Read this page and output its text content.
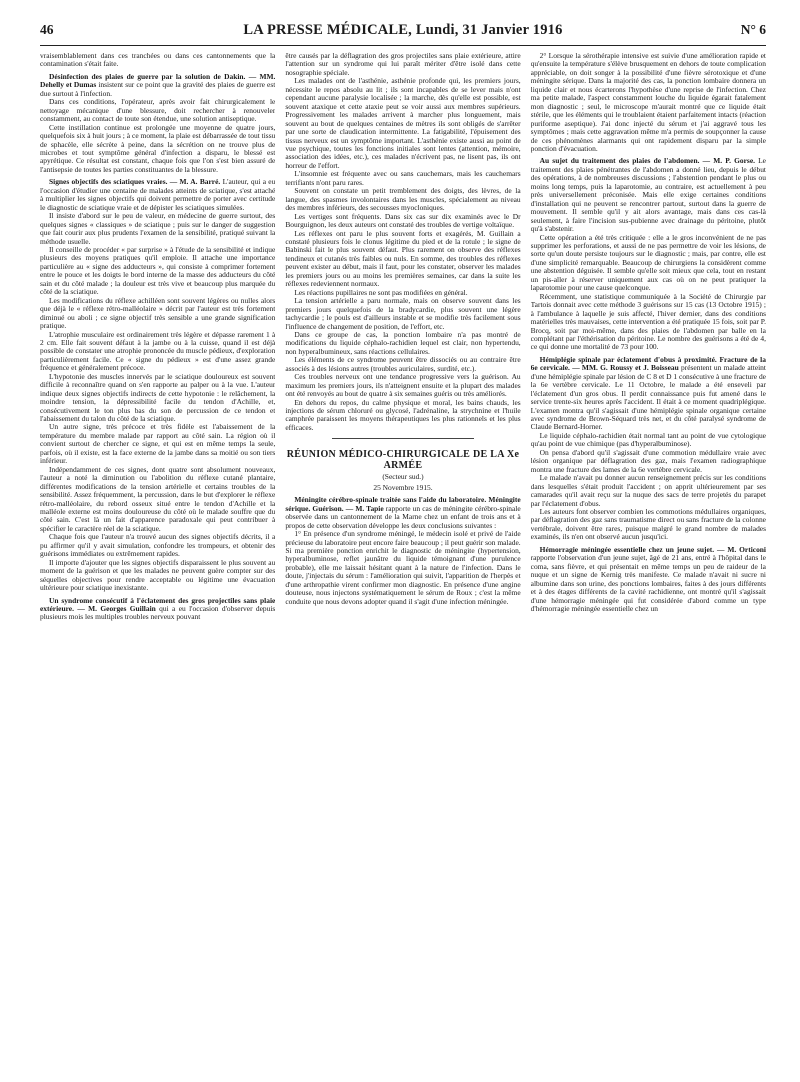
46	LA PRESSE MÉDICALE, Lundi, 31 Janvier 1916	N° 6

vraisemblablement dans ces tranchées ou dans ces cantonnements que la contamination s'était faite.

Désinfection des plaies de guerre par la solution de Dakin. — MM. Dehelly et Dumas insistent sur ce point que la gravité des plaies de guerre est due surtout à l'infection.

Dans ces conditions, l'opérateur, après avoir fait chirurgicalement le nettoyage mécanique d'une blessure, doit rechercher à renouveler constamment, au contact de toute son étendue, une solution antiseptique.

Cette instillation continue est prolongée une moyenne de quatre jours, quelquefois six à huit jours ; à ce moment, la plaie est débarrassée de tout tissu de sphacèle, elle sécrète à peine, dans la sécrétion on ne trouve plus de microbes et tout symptôme général d'infection a disparu, le blessé est apyrétique. Ce résultat est constant, chaque fois que l'on s'est bien assuré de l'antisepsie de toutes les parties constituantes de la blessure.

Signes objectifs des sciatiques vraies. — M. A. Barré. L'auteur, qui a eu l'occasion d'étudier une centaine de malades atteints de sciatique, s'est attaché à multiplier les signes objectifs qui doivent permettre de porter avec certitude le diagnostic de sciatique vraie et de dépister les sciatiques simulées.

Il insiste d'abord sur le peu de valeur, en médecine de guerre surtout, des quelques signes « classiques » de sciatique ; puis sur le danger de suggestion que fait courir aux plus prudents l'examen de la sensibilité, pratiqué suivant la méthode usuelle.

Il conseille de procéder « par surprise » à l'étude de la sensibilité et indique plusieurs des moyens pratiques qu'il emploie. Il attache une importance particulière au « signe des adducteurs », qui consiste à comprimer fortement entre le pouce et les doigts le bord interne de la masse des adducteurs du côté sain et du côté malade ; la douleur est très vive et beaucoup plus marquée du côté de la sciatique.

Les modifications du réflexe achilléen sont souvent légères ou nulles alors que déjà le « réflexe rétro-malléolaire » décrit par l'auteur est très fortement diminué ou aboli ; ce signe objectif très sensible a une grande signification pratique.

L'atrophie musculaire est ordinairement très légère et dépasse rarement 1 à 2 cm. Elle fait souvent défaut à la jambe ou à la cuisse, quand il est déjà possible de constater une atrophie prononcée du muscle pédieux, d'exploration particulièrement facile. Ce « signe du pédieux » est d'une assez grande fréquence et généralement précoce.

L'hypotonie des muscles innervés par le sciatique douloureux est souvent difficile à reconnaître quand on s'en rapporte au palper ou à la vue. L'auteur indique deux signes objectifs indirects de cette hypotonie : le relâchement, la moindre tension, la dépressibilité facile du tendon d'Achille, et, consécutivement le ton plus bas du son de percussion de ce tendon et l'abaissement du talon du côté de la sciatique.

Un autre signe, très précoce et très fidèle est l'abaissement de la température du membre malade par rapport au côté sain. La région où il convient surtout de chercher ce signe, et qui est en même temps la seule, parfois, où il existe, est la face externe de la jambe dans sa moitié ou son tiers inférieur.

Indépendamment de ces signes, dont quatre sont absolument nouveaux, l'auteur a noté la diminution ou l'abolition du réflexe cutané plantaire, différentes modifications de la tension artérielle et certains troubles de la sensibilité. Assez fréquemment, la percussion, dans le but d'explorer le réflexe rétro-malléolaire, du rebord osseux situé entre le tendon d'Achille et la malléole externe est moins douloureuse du côté où le malade souffre que du côté sain. C'est là un fait d'apparence paradoxale qui peut contribuer à spécifier le caractère réel de la sciatique.

Chaque fois que l'auteur n'a trouvé aucun des signes objectifs décrits, il a pu affirmer qu'il y avait simulation, confondre les trompeurs, et obtenir des guérisons immédiates ou extrêmement rapides.

Il importe d'ajouter que les signes objectifs disparaissent le plus souvent au moment de la guérison et que les malades ne peuvent guère compter sur des séquelles objectives pour rendre acceptable ou légitime une évacuation ultérieure pour sciatique inexistante.

Un syndrome consécutif à l'éclatement des gros projectiles sans plaie extérieure. — M. Georges Guillain qui a eu l'occasion d'observer depuis plusieurs mois les multiples troubles nerveux pouvant

être causés par la déflagration des gros projectiles sans plaie extérieure, attire l'attention sur un syndrome qui lui paraît mériter d'être isolé dans cette nosographie spéciale.

Les malades ont de l'asthénie, asthénie profonde qui, les premiers jours, nécessite le repos absolu au lit ; ils sont incapables de se lever mais n'ont cependant aucune paralysie localisée ; la marche, dès qu'elle est possible, est souvent ataxique et cette ataxie peut se voir aussi aux membres supérieurs. Progressivement les malades arrivent à marcher plus longuement, mais souvent au bout de quelques centaines de mètres ils sont obligés de s'arrêter par une sorte de claudication intermittente. La fatigabilité, l'épuisement des tissus nerveux est un symptôme important. L'asthénie existe aussi au point de vue psychique, toutes les fonctions initiales sont lentes (attention, mémoire, association des idées, etc.), ces malades n'écrivent pas, ne lisent pas, ils ont horreur de l'effort.

L'insomnie est fréquente avec ou sans cauchemars, mais les cauchemars terrifiants n'ont paru rares.

Souvent on constate un petit tremblement des doigts, des lèvres, de la langue, des spasmes involontaires dans les muscles, spécialement au niveau des membres inférieurs, des secousses myocloniques.

Les vertiges sont fréquents. Dans six cas sur dix examinés avec le Dr Bourguignon, les deux auteurs ont constaté des troubles de vertige voltaïque.

Les réflexes ont paru le plus souvent forts et exagérés, M. Guillain a constaté plusieurs fois le clonus légitime du pied et de la rotule ; le signe de Babinski fait le plus souvent défaut. Plus rarement on observe des réflexes tendineux et cutanés très faibles ou nuls. En somme, des troubles des réflexes peuvent exister au début, mais il faut, pour les constater, observer les malades les premiers jours ou au moins les premières semaines, car dans la suite les réflexes redeviennent normaux.

Les réactions pupillaires ne sont pas modifiées en général.

La tension artérielle a paru normale, mais on observe souvent dans les premiers jours quelquefois de la bradycardie, plus souvent une légère tachycardie ; le pouls est d'ailleurs instable et se modifie très facilement sous l'influence de changement de position, de l'effort, etc.

Dans ce groupe de cas, la ponction lombaire n'a pas montré de modifications du liquide céphalo-rachidien lequel est clair, non hypertendu, non hyperalbumineux, sans réactions cellulaires.

Les éléments de ce syndrome peuvent être dissociés ou au contraire être associés à des lésions autres (troubles auriculaires, surdité, etc.).

Ces troubles nerveux ont une tendance progressive vers la guérison. Au maximum les premiers jours, ils n'atteignent ensuite et la plupart des malades ont été renvoyés au bout de quatre à six semaines guéris ou très améliorés.

En dehors du repos, du calme physique et moral, les bains chauds, les injections de sérum chloruré ou glycosé, l'adrénaline, la strychnine et l'huile camphrée paraissent les moyens thérapeutiques les plus rationnels et les plus efficaces.

RÉUNION MÉDICO-CHIRURGICALE DE LA Xe ARMÉE

(Secteur sud.)

25 Novembre 1915.

Méningite cérébro-spinale traitée sans l'aide du laboratoire. Méningite sérique. Guérison. — M. Tapie rapporte un cas de méningite cérébro-spinale observée dans un cantonnement de la Marne chez un enfant de trois ans et à propos de cette observation développe les deux conclusions suivantes :

1° En présence d'un syndrome méningé, le médecin isolé et privé de l'aide précieuse du laboratoire peut encore faire beaucoup ; il peut guérir son malade. Si ma première ponction enrichit le diagnostic de méningite (hypertension, hyperalbuminose, reflet jaunâtre du liquide témoignant d'une purulence probable), elle me laissait hésitant quant à la nature de l'infection. Dans le doute, j'injectais du sérum : l'amélioration qui suivit, l'apparition de l'herpès et d'une arthropathie virent confirmer mon diagnostic. En présence d'une angine douteuse, nous injectons systématiquement le sérum de Roux ; c'est la même conduite que nous devons adopter quand il s'agit d'une infection méningée.

2° Lorsque la sérothérapie intensive est suivie d'une amélioration rapide et qu'ensuite la température s'élève brusquement en dehors de toute complication appréciable, on doit songer à la possibilité d'une fièvre sérotoxique et d'une méningite sérique. Dans la majorité des cas, la ponction lombaire donnera un liquide clair et nous écarterons l'hypothèse d'une reprise de l'infection. Chez ma petite malade, l'aspect constamment louche du liquide égarait fatalement mon diagnostic ; seul, le microscope m'aurait montré que ce liquide était stérile, que les éléments qui le troublaient étaient parfaitement intacts (réaction puriforme aseptique). J'ai donc injecté du sérum et j'ai aggravé tous les symptômes ; mais cette aggravation même m'a permis de soupçonner la cause de ces phénomènes alarmants qui ont rapidement disparu par la simple ponction d'évacuation.

Au sujet du traitement des plaies de l'abdomen. — M. P. Gorse. Le traitement des plaies pénétrantes de l'abdomen a donné lieu, depuis le début des opérations, à de nombreuses discussions ; l'abstention pendant le plus ou moins long temps, puis la laparotomie, au contraire, est actuellement à peu près universellement préconisée. Mais elle exige certaines conditions d'installation qui ne peuvent se rencontrer partout, surtout dans la guerre de mouvement. Il semble qu'il y ait alors avantage, mais dans ces cas-là seulement, à faire l'incision sus-pubienne avec drainage du péritoine, plutôt qu'à s'abstenir.

Cette opération a été très critiquée : elle a le gros inconvénient de ne pas supprimer les perforations, et aussi de ne pas permettre de voir les lésions, de sorte qu'un doute persiste toujours sur le diagnostic ; mais, par contre, elle est d'une simplicité remarquable. Beaucoup de chirurgiens la considèrent comme une abstention déguisée. Il semble qu'elle soit mieux que cela, tout en restant un pis-aller à réserver uniquement aux cas où on ne peut pratiquer la laparotomie pour une cause quelconque.

Récemment, une statistique communiquée à la Société de Chirurgie par Tartois donnait avec cette méthode 3 guérisons sur 15 cas (13 Octobre 1915) ; à l'ambulance à laquelle je suis affecté, l'hiver dernier, dans des conditions matérielles très mauvaises, cette intervention a été pratiquée 15 fois, soit par P. Brocq, soit par moi-même, dans des plaies de l'abdomen par balle en la complétant par l'éthérisation du péritoine. Le nombre des guérisons a été de 4, ce qui donne une mortalité de 73 pour 100.

Hémiplégie spinale par éclatement d'obus à proximité. Fracture de la 6e cervicale. — MM. G. Roussy et J. Boisseau présentent un malade atteint d'une hémiplégie spinale par lésion de C 8 et D 1 consécutive à une fracture de la 6e vertèbre cervicale. Le 11 Octobre, le malade a été enseveli par l'éclatement d'un gros obus. Il perdit connaissance puis fut amené dans le service trente-six heures après l'accident. Il était à ce moment quadriplégique. L'examen montra qu'il s'agissait d'une hémiplégie spinale organique certaine avec syndrome de Brown-Séquard très net, et du côté paralysé syndrome de Claude Bernard-Horner.

Le liquide céphalo-rachidien était normal tant au point de vue cytologique qu'au point de vue chimique (pas d'hyperalbuminose).

On pensa d'abord qu'il s'agissait d'une commotion médullaire vraie avec lésion organique par déflagration des gaz, mais l'examen radiographique montra une fracture des lames de la 6e vertèbre cervicale.

Le malade n'avait pu donner aucun renseignement précis sur les conditions dans lesquelles s'était produit l'accident ; on apprit ultérieurement par ses camarades qu'il avait reçu sur la nuque des sacs de terre projetés du parapet par l'éclatement d'obus.

Les auteurs font observer combien les commotions médullaires organiques, par déflagration des gaz sans traumatisme direct ou sans fracture de la colonne vertébrale, doivent être rares, puisque malgré le grand nombre de malades examinés, ils n'en ont observé aucun jusqu'ici.

Hémorragie méningée essentielle chez un jeune sujet. — M. Orticoni rapporte l'observation d'un jeune sujet, âgé de 21 ans, entré à l'hôpital dans le coma, sans fièvre, et qui présentait en même temps un peu de raideur de la nuque et un signe de Kernig très manifeste. Ce malade n'avait ni sucre ni albumine dans son urine, des ponctions lombaires, faites à des jours différents et à des étages différents de la cavité rachidienne, ont montré qu'il s'agissait d'une hémorragie méningée qui fut considérée d'abord comme un type d'hémorragie méningée essentielle chez un
